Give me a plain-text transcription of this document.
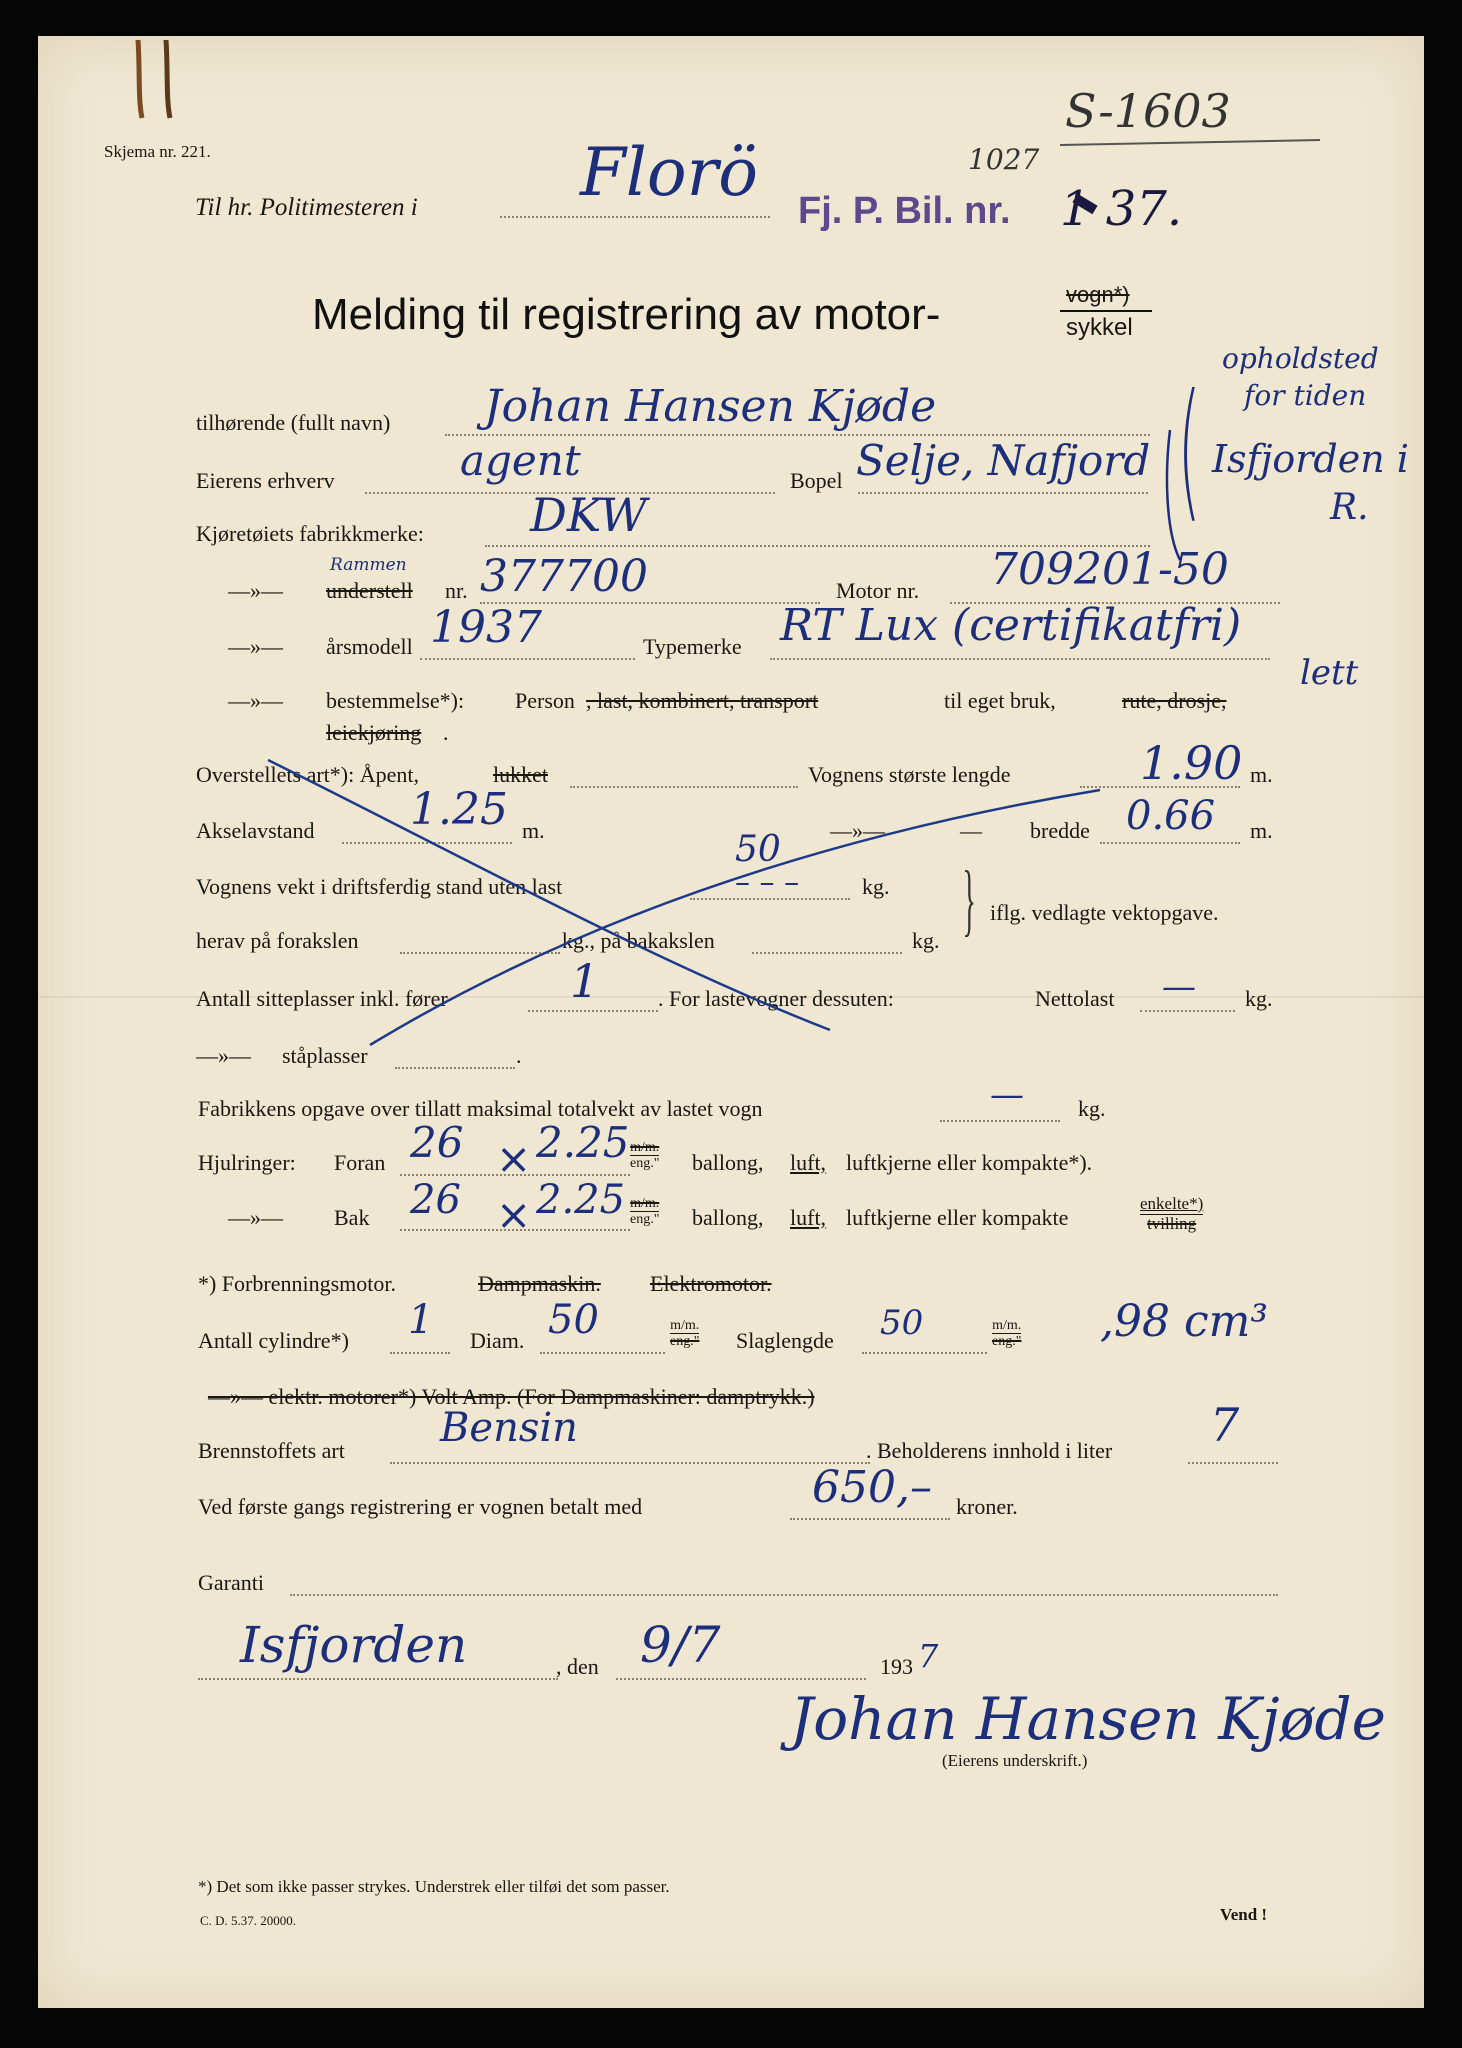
Skjema nr. 221.
Til hr. Politimesteren i Florö Fj. P. Bil. nr. 1 37.
S-1603
1027
Melding til registrering av motor-	vogn*)
sykkel
tilhørende (fullt navn) Johan Hansen Kjøde
Eierens erhverv	agent	Bopel Selje, Nafjord (
opholdsted
for tiden
Isfjorden i
R.
Kjøretøiets fabrikkmerke: DKW
—»—
Rammen
understell nr. 377700	Motor nr. 709201-50
—»— årsmodell 1937	Typemerke RT Lux (certifikatfri)
—»— bestemmelse*): Person , last, kombinert, transport	til eget bruk,	rute, drosje,
lett
leiekjøring .
Overstellets art*): Åpent,	lukket	Vognens største lengde	1.90 m.
Akselavstand 1.25 m.	—»—	— bredde 0.66 m.
Vognens vekt i driftsferdig stand uten last
50
– – –	kg. } iflg. vedlagte vektopgave.
herav på forakslen	kg., på bakakslen	kg.
Antall sitteplasser inkl. fører	1	. For lastevogner dessuten:	Nettolast — kg.
—»— ståplasser	.
Fabrikkens opgave over tillatt maksimal totalvekt av lastet vogn	— kg.
Hjulringer: Foran 26 × 2.25 m/m.
eng." ballong, luft, luftkjerne eller kompakte*).
—»— Bak 26 × 2.25 m/m.
eng." ballong, luft, luftkjerne eller kompakte
enkelte*)
tvilling
*) Forbrenningsmotor.	Dampmaskin. Elektromotor.
Antall cylindre*) 1 Diam. 50	m/m.
eng." Slaglengde 50	m/m.
eng." ,98 cm³
—»— elektr. motorer*) Volt Amp. (For Dampmaskiner: damptrykk.)
Brennstoffets art Bensin	. Beholderens innhold i liter 7
Ved første gangs registrering er vognen betalt med	650,– kroner.
Garanti
Isfjorden	, den 9/7	193 7
Johan Hansen Kjøde
(Eierens underskrift.)
*) Det som ikke passer strykes. Understrek eller tilføi det som passer.
C. D. 5.37. 20000.	Vend !
